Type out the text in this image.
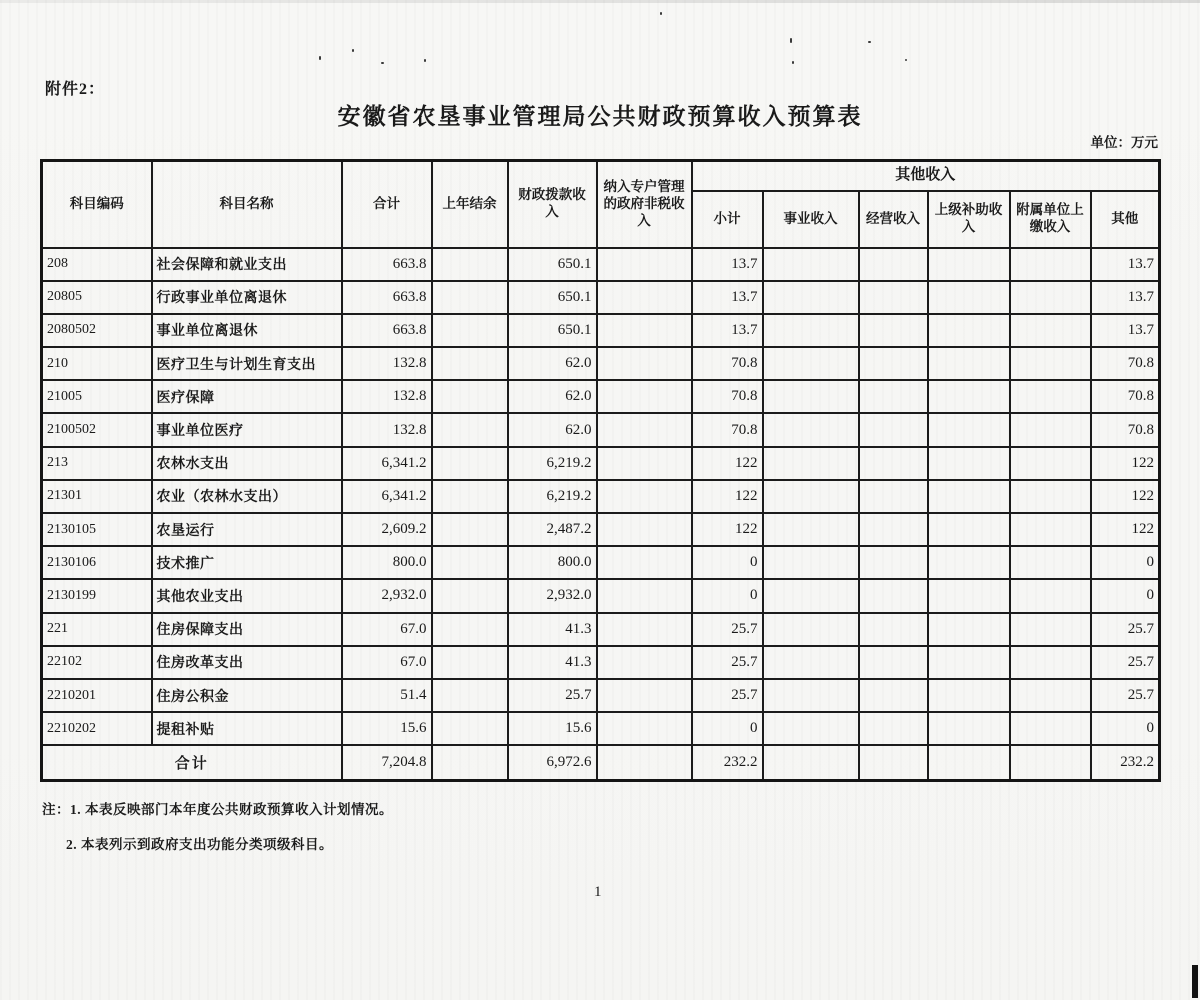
附件2：
安徽省农垦事业管理局公共财政预算收入预算表
单位：万元
科目编码	科目名称	合计	上年结余	财政拨款收入	纳入专户管理的政府非税收入	其他收入					
						小计	事业收入	经营收入	上级补助收入	附属单位上缴收入	其他
208	社会保障和就业支出	663.8		650.1		13.7					13.7
20805	行政事业单位离退休	663.8		650.1		13.7					13.7
2080502	事业单位离退休	663.8		650.1		13.7					13.7
210	医疗卫生与计划生育支出	132.8		62.0		70.8					70.8
21005	医疗保障	132.8		62.0		70.8					70.8
2100502	事业单位医疗	132.8		62.0		70.8					70.8
213	农林水支出	6,341.2		6,219.2		122					122
21301	农业（农林水支出）	6,341.2		6,219.2		122					122
2130105	农垦运行	2,609.2		2,487.2		122					122
2130106	技术推广	800.0		800.0		0					0
2130199	其他农业支出	2,932.0		2,932.0		0					0
221	住房保障支出	67.0		41.3		25.7					25.7
22102	住房改革支出	67.0		41.3		25.7					25.7
2210201	住房公积金	51.4		25.7		25.7					25.7
2210202	提租补贴	15.6		15.6		0					0
合计		7,204.8		6,972.6		232.2					232.2
注：1. 本表反映部门本年度公共财政预算收入计划情况。
2. 本表列示到政府支出功能分类项级科目。
1
